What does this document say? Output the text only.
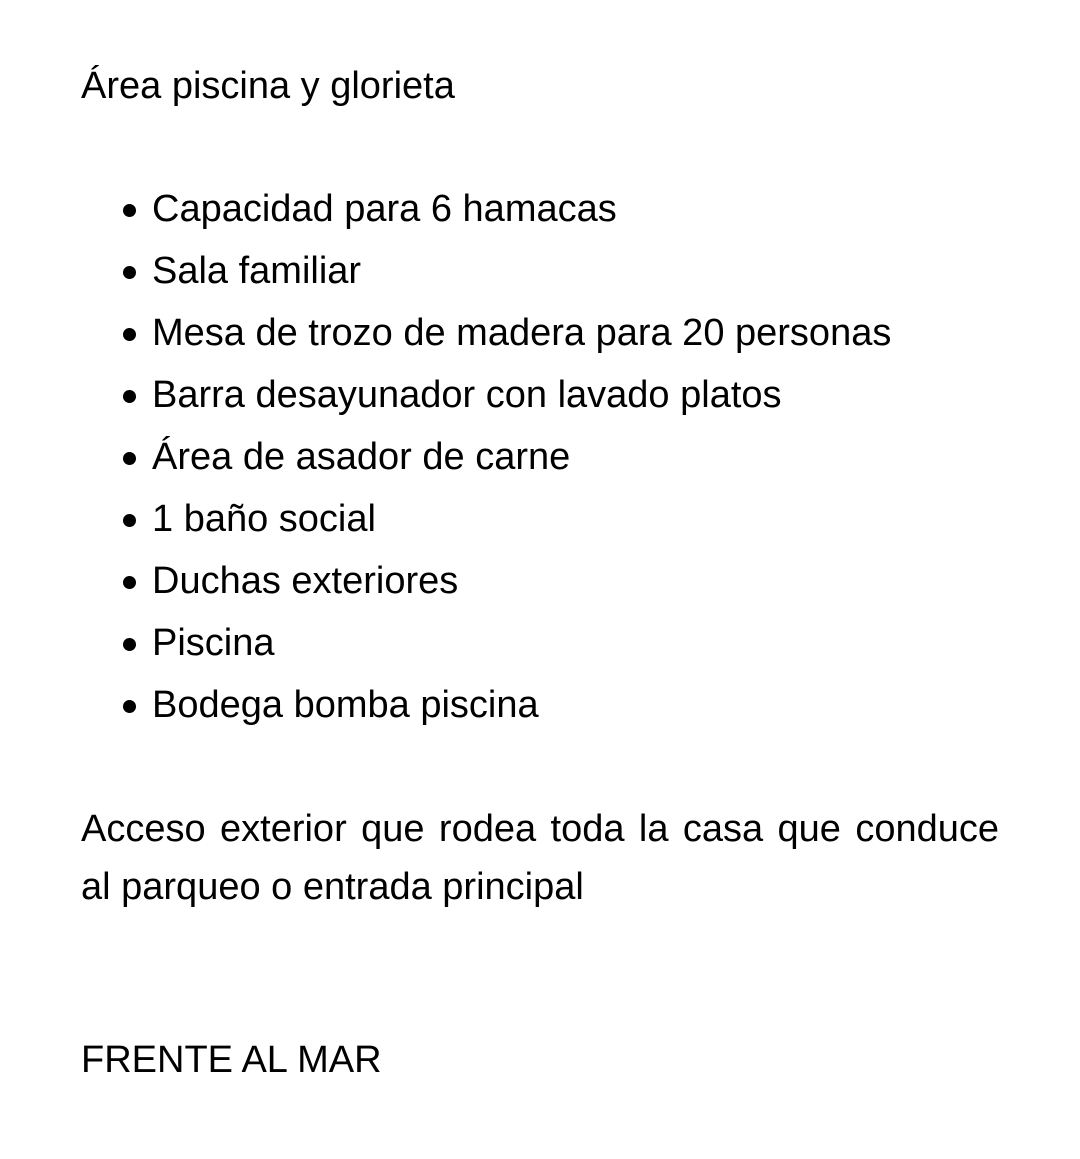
Área piscina y glorieta
Capacidad para 6 hamacas
Sala familiar
Mesa de trozo de madera para 20 personas
Barra desayunador con lavado platos
Área de asador de carne
1 baño social
Duchas exteriores
Piscina
Bodega bomba piscina

Acceso exterior que rodea toda la casa que conduce al parqueo o entrada principal

FRENTE AL MAR
